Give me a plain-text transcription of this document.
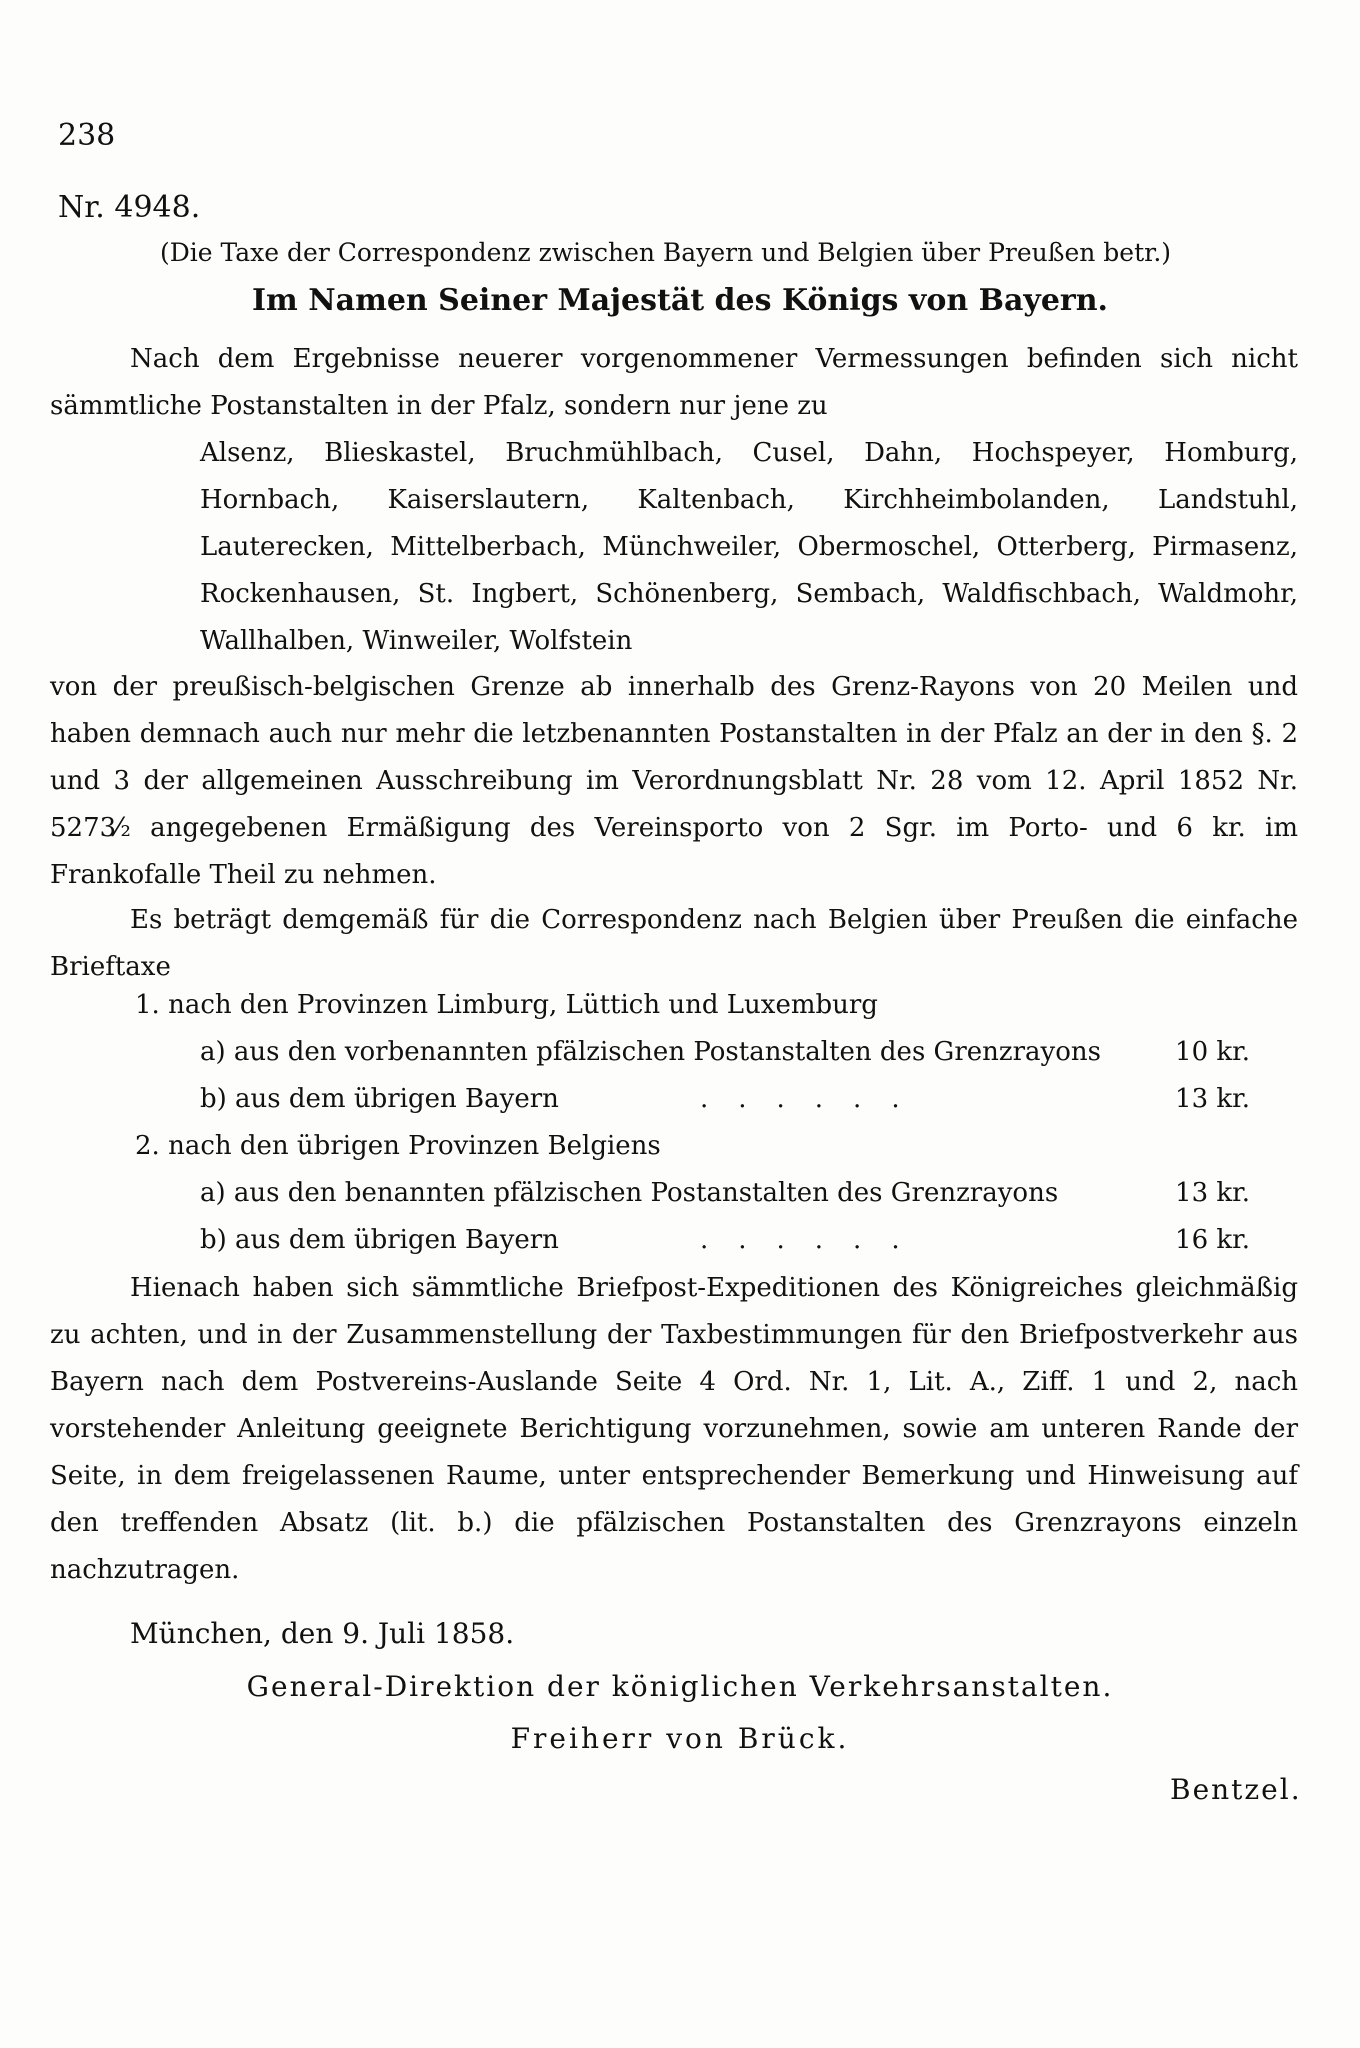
238
Nr. 4948.
(Die Taxe der Correspondenz zwischen Bayern und Belgien über Preußen betr.)
Im Namen Seiner Majestät des Königs von Bayern.
Nach dem Ergebnisse neuerer vorgenommener Vermessungen befinden sich nicht sämmtliche Postanstalten in der Pfalz, sondern nur jene zu
Alsenz, Blieskastel, Bruchmühlbach, Cusel, Dahn, Hochspeyer, Homburg, Hornbach, Kaiserslautern, Kaltenbach, Kirchheimbolanden, Landstuhl, Lauterecken, Mittelberbach, Münchweiler, Obermoschel, Otterberg, Pirmasenz, Rockenhausen, St. Ingbert, Schönenberg, Sembach, Waldfischbach, Waldmohr, Wallhalben, Winweiler, Wolfstein
von der preußisch-belgischen Grenze ab innerhalb des Grenz-Rayons von 20 Meilen und haben demnach auch nur mehr die letzbenannten Postanstalten in der Pfalz an der in den §. 2 und 3 der allgemeinen Ausschreibung im Verordnungsblatt Nr. 28 vom 12. April 1852 Nr. 5273⁄₂ angegebenen Ermäßigung des Vereinsporto von 2 Sgr. im Porto- und 6 kr. im Frankofalle Theil zu nehmen.
Es beträgt demgemäß für die Correspondenz nach Belgien über Preußen die einfache Brieftaxe
1. nach den Provinzen Limburg, Lüttich und Luxemburg
a) aus den vorbenannten pfälzischen Postanstalten des Grenzrayons	10 kr.
b) aus dem übrigen Bayern	......	13 kr.
2. nach den übrigen Provinzen Belgiens
a) aus den benannten pfälzischen Postanstalten des Grenzrayons	13 kr.
b) aus dem übrigen Bayern	......	16 kr.
Hienach haben sich sämmtliche Briefpost-Expeditionen des Königreiches gleichmäßig zu achten, und in der Zusammenstellung der Taxbestimmungen für den Briefpostverkehr aus Bayern nach dem Postvereins-Auslande Seite 4 Ord. Nr. 1, Lit. A., Ziff. 1 und 2, nach vorstehender Anleitung geeignete Berichtigung vorzunehmen, sowie am unteren Rande der Seite, in dem freigelassenen Raume, unter entsprechender Bemerkung und Hinweisung auf den treffenden Absatz (lit. b.) die pfälzischen Postanstalten des Grenzrayons einzeln nachzutragen.
München, den 9. Juli 1858.
General-Direktion der königlichen Verkehrsanstalten.
Freiherr von Brück.
Bentzel.
